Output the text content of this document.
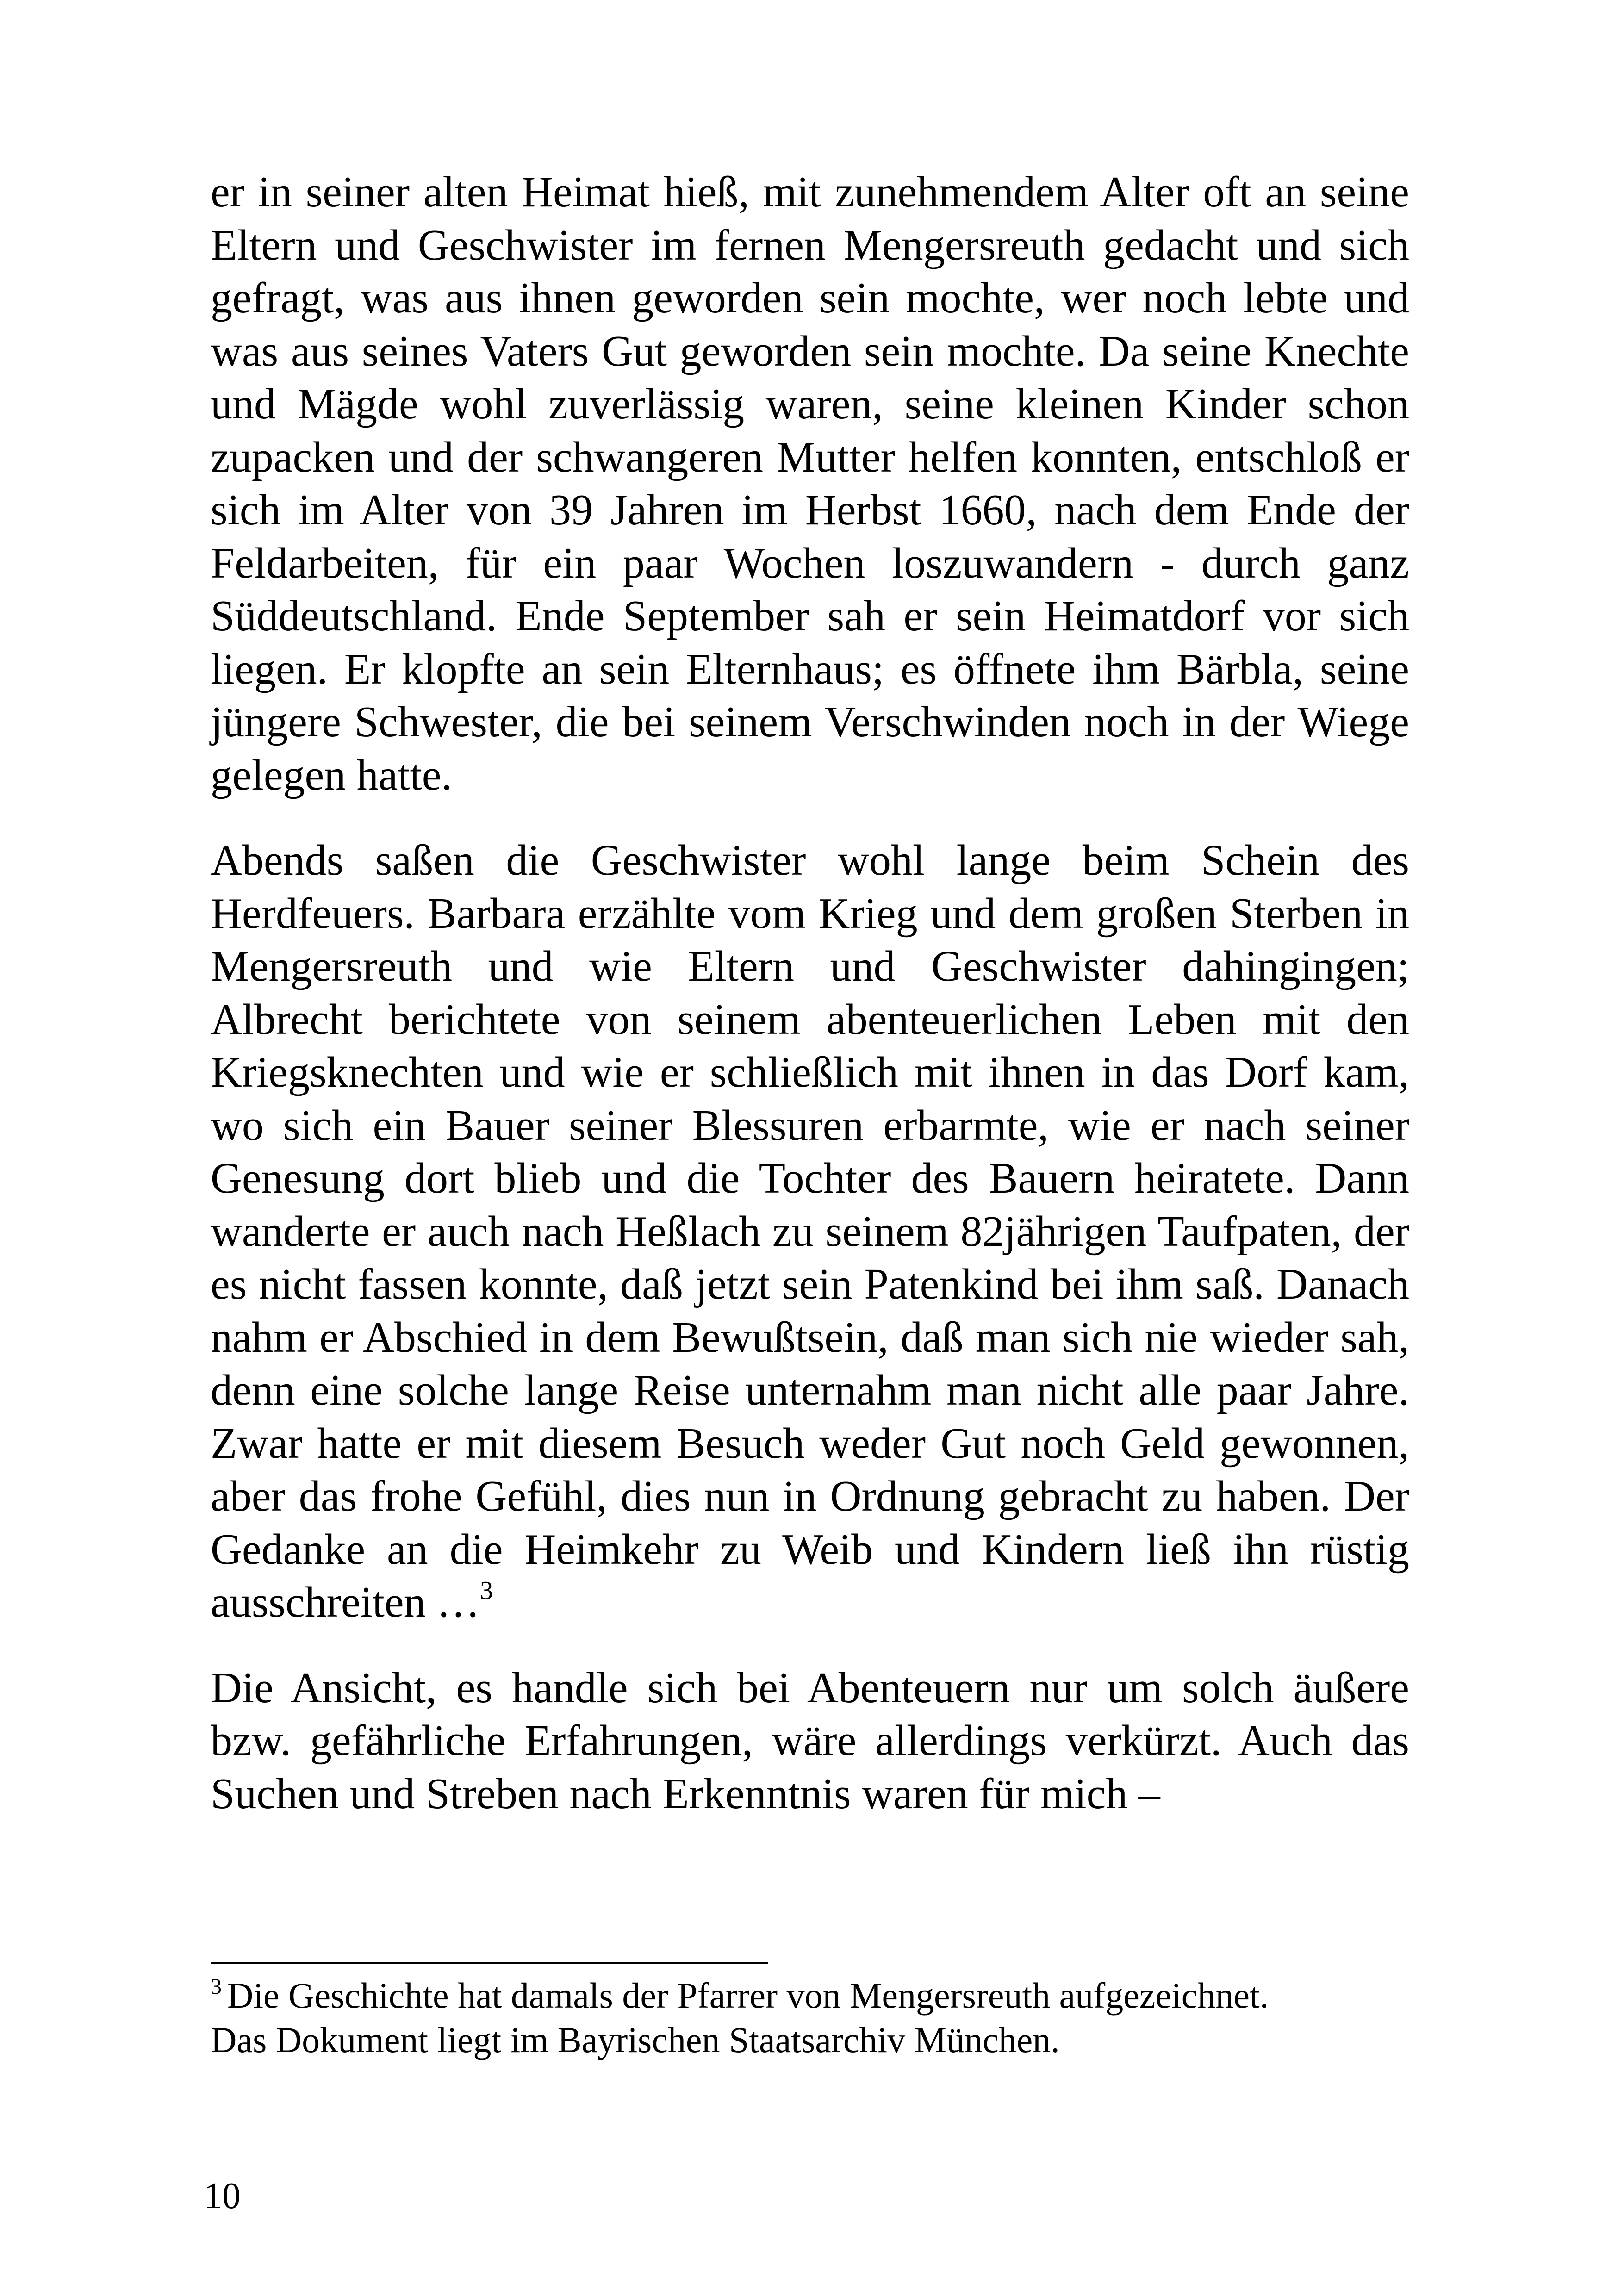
er in seiner alten Heimat hieß, mit zunehmendem Alter oft an seine Eltern und Geschwister im fernen Mengersreuth gedacht und sich gefragt, was aus ihnen geworden sein mochte, wer noch lebte und was aus seines Vaters Gut geworden sein mochte. Da seine Knechte und Mägde wohl zuverlässig waren, seine kleinen Kinder schon zupacken und der schwangeren Mutter helfen konnten, entschloß er sich im Alter von 39 Jahren im Herbst 1660, nach dem Ende der Feldarbeiten, für ein paar Wochen loszuwandern - durch ganz Süddeutschland. Ende September sah er sein Heimatdorf vor sich liegen. Er klopfte an sein Elternhaus; es öffnete ihm Bärbla, seine jüngere Schwester, die bei seinem Verschwinden noch in der Wiege gelegen hatte.

Abends saßen die Geschwister wohl lange beim Schein des Herdfeuers. Barbara erzählte vom Krieg und dem großen Sterben in Mengersreuth und wie Eltern und Geschwister dahingingen; Albrecht berichtete von seinem abenteuerlichen Leben mit den Kriegsknechten und wie er schließlich mit ihnen in das Dorf kam, wo sich ein Bauer seiner Blessuren erbarmte, wie er nach seiner Genesung dort blieb und die Tochter des Bauern heiratete. Dann wanderte er auch nach Heßlach zu seinem 82jährigen Taufpaten, der es nicht fassen konnte, daß jetzt sein Patenkind bei ihm saß. Danach nahm er Abschied in dem Bewußtsein, daß man sich nie wieder sah, denn eine solche lange Reise unternahm man nicht alle paar Jahre. Zwar hatte er mit diesem Besuch weder Gut noch Geld gewonnen, aber das frohe Gefühl, dies nun in Ordnung gebracht zu haben. Der Gedanke an die Heimkehr zu Weib und Kindern ließ ihn rüstig ausschreiten …$^3$

Die Ansicht, es handle sich bei Abenteuern nur um solch äußere bzw. gefährliche Erfahrungen, wäre allerdings verkürzt. Auch das Suchen und Streben nach Erkenntnis waren für mich –

$^3$ Die Geschichte hat damals der Pfarrer von Mengersreuth aufgezeichnet.
Das Dokument liegt im Bayrischen Staatsarchiv München.
10
